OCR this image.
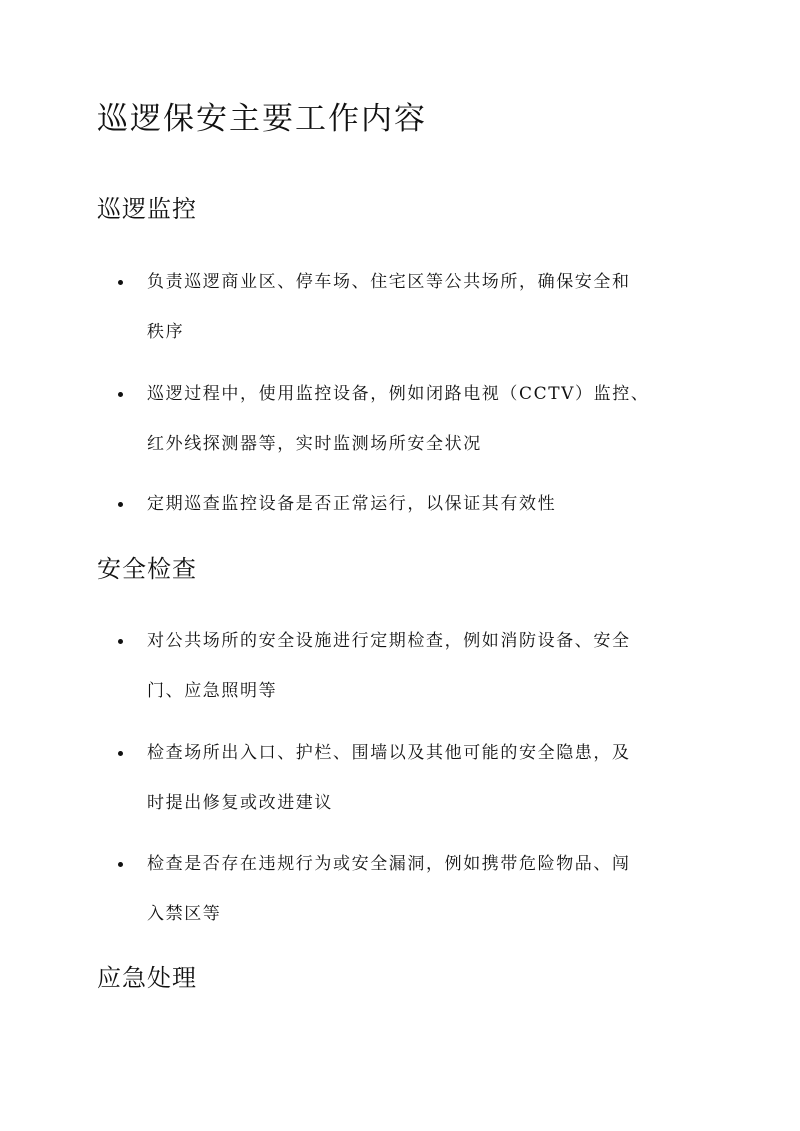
巡逻保安主要工作内容
巡逻监控
负责巡逻商业区、停车场、住宅区等公共场所，确保安全和
秩序
巡逻过程中，使用监控设备，例如闭路电视（CCTV）监控、
红外线探测器等，实时监测场所安全状况
定期巡查监控设备是否正常运行，以保证其有效性
安全检查
对公共场所的安全设施进行定期检查，例如消防设备、安全
门、应急照明等
检查场所出入口、护栏、围墙以及其他可能的安全隐患，及
时提出修复或改进建议
检查是否存在违规行为或安全漏洞，例如携带危险物品、闯
入禁区等
应急处理
